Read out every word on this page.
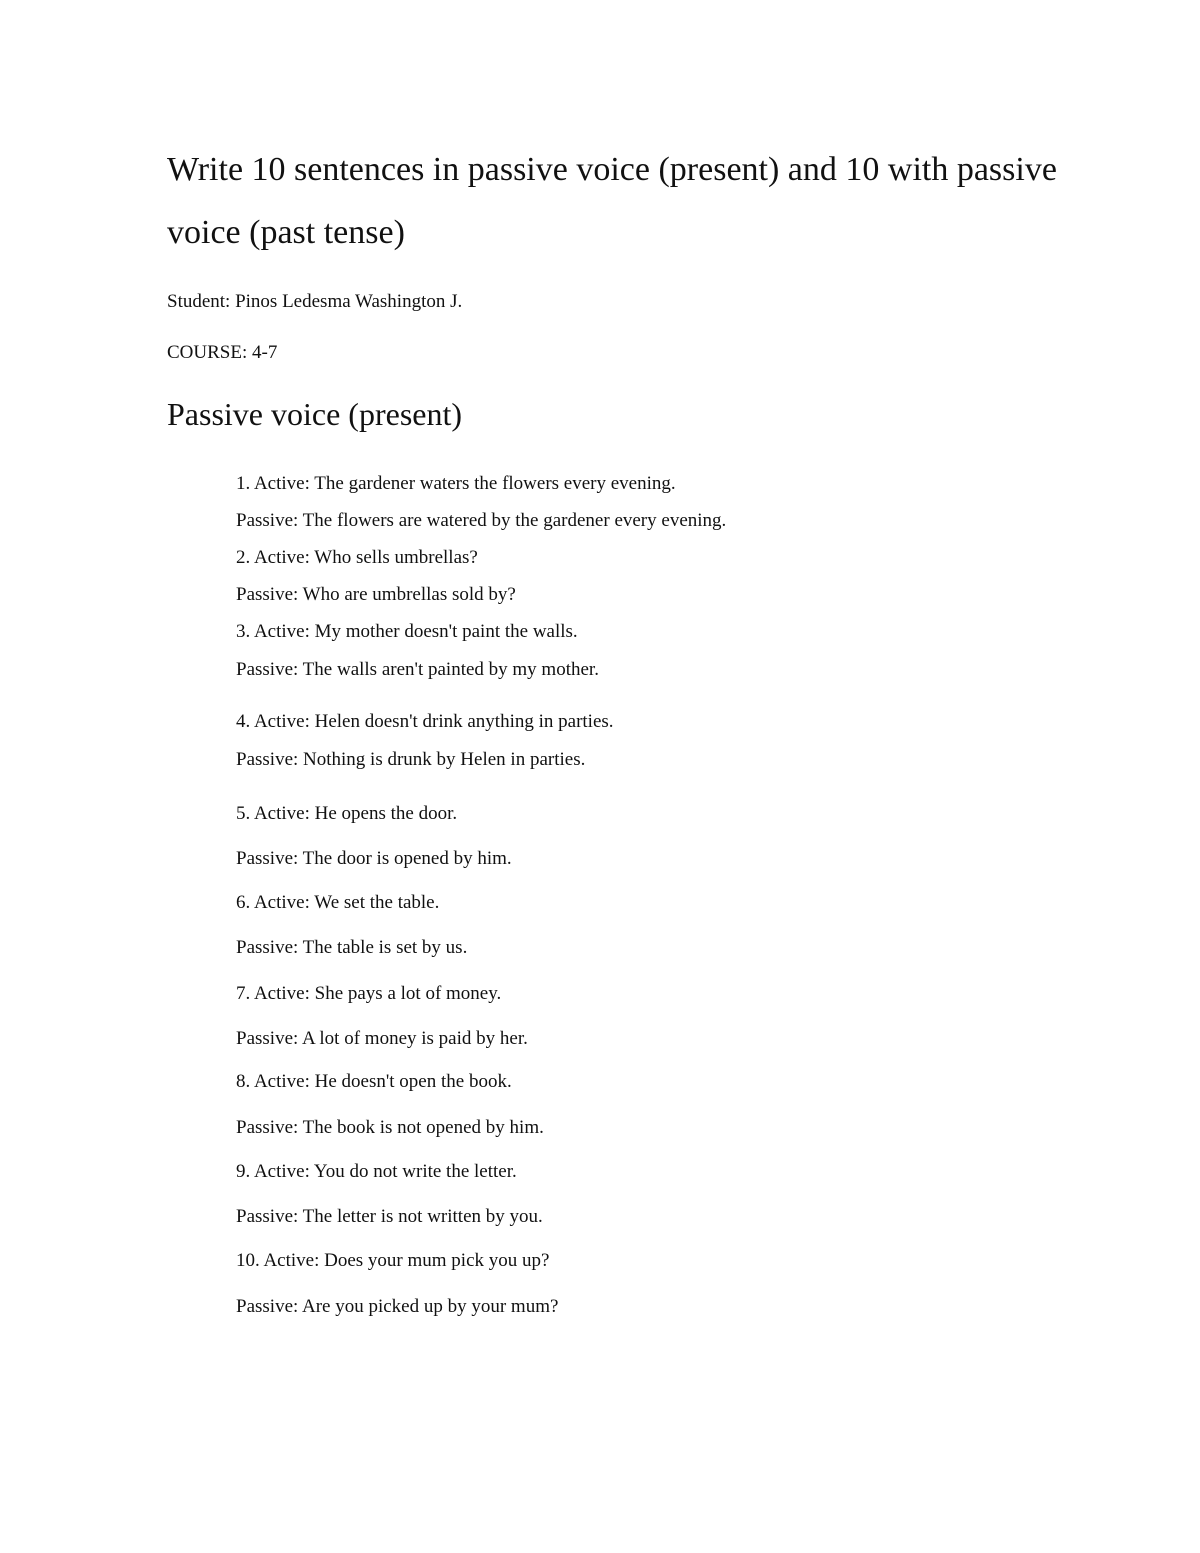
Write 10 sentences in passive voice (present) and 10 with passive voice (past tense)

Student: Pinos Ledesma Washington J.

COURSE: 4-7

Passive voice (present)

1. Active: The gardener waters the flowers every evening.

Passive: The flowers are watered by the gardener every evening.

2. Active: Who sells umbrellas?

Passive: Who are umbrellas sold by?

3. Active: My mother doesn't paint the walls.

Passive: The walls aren't painted by my mother.

4. Active: Helen doesn't drink anything in parties.

Passive: Nothing is drunk by Helen in parties.

5. Active: He opens the door.

Passive: The door is opened by him.

6. Active: We set the table.

Passive: The table is set by us.

7. Active: She pays a lot of money.

Passive: A lot of money is paid by her.

8. Active: He doesn't open the book.

Passive: The book is not opened by him.

9. Active: You do not write the letter.

Passive: The letter is not written by you.

10. Active: Does your mum pick you up?

Passive: Are you picked up by your mum?
